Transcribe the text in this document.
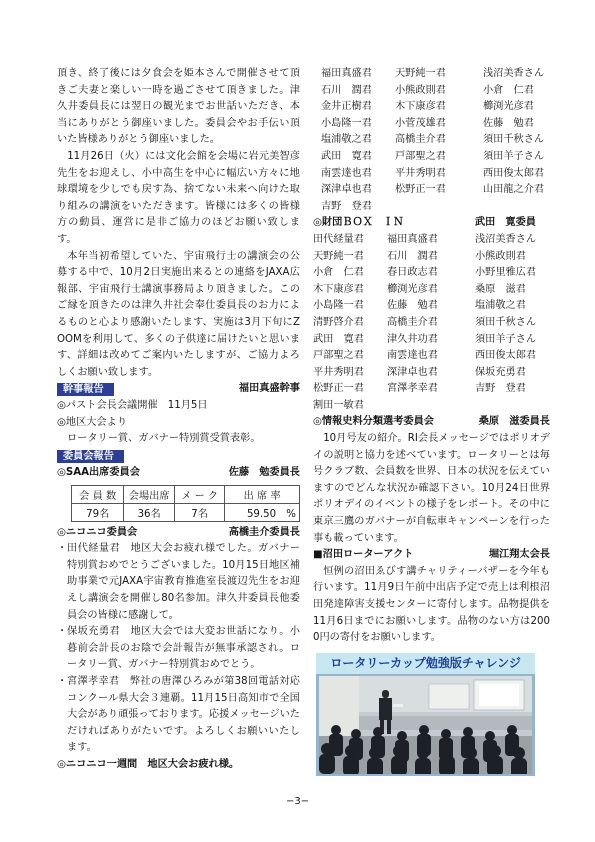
頂き、終了後には夕食会を姫本さんで開催させて頂きご夫妻と楽しい一時を過ごさせて頂きました。津久井委員長には翌日の観光までお世話いただき、本当にありがとう御座いました。委員会やお手伝い頂いた皆様ありがとう御座いました。

11月26日（火）には文化会館を会場に岩元美智彦先生をお迎えし、小中高生を中心に幅広い方々に地球環境を少しでも戻す為、捨てない未来へ向けた取り組みの講演をいただきます。皆様には多くの皆様方の動員、運営に是非ご協力のほどお願い致します。

本年当初希望していた、宇宙飛行士の講演会の公募する中で、10月2日実施出来るとの連絡をJAXA広報部、宇宙飛行士講演事務局より頂きました。このご縁を頂きたのは津久井社会奉仕委員長のお力によるものと心より感謝いたします、実施は3月下旬にZOOMを利用して、多くの子供達に届けたいと思います、詳細は改めてご案内いたしますが、ご協力よろしくお願い致します。

幹事報告	福田真盛幹事
◎パスト会長会議開催　11月5日
◎地区大会より
ロータリー賞、ガバナー特別賞受賞表彰。
委員会報告
◎SAA出席委員会	佐藤　勉委員長
会 員 数	会場出席	メ ー ク	出 席 率
79名	36名	7名	59.50　%
◎ニコニコ委員会	高橋圭介委員長
・ 田代経量君　地区大会お疲れ様でした。ガバナー特別賞おめでとうございました。10月15日地区補助事業で元JAXA宇宙教育推進室長渡辺先生をお迎えし講演会を開催し80名参加。津久井委員長他委員会の皆様に感謝して。
・ 保坂充勇君　地区大会では大変お世話になり。小暮前会計長のお陰で会計報告が無事承認され。ロータリー賞、ガバナー特別賞おめでとう。
・ 宮澤孝幸君　弊社の唐澤ひろみが第38回電話対応コンクール県大会３連覇。11月15日高知市で全国大会があり頑張っております。応援メッセージいただければありがたいです。よろしくお願いいたします。
◎ニコニコ一週間　地区大会お疲れ様。
福田真盛君	天野純一君	浅沼美香さん
石川　潤君	小熊政則君	小倉　仁君
金井正樹君	木下康彦君	櫛渕光彦君
小島隆一君	小菅茂雄君	佐藤　勉君
塩浦敬之君	高橋圭介君	須田千秋さん
武田　寛君	戸部聖之君	須田羊子さん
南雲達也君	平井秀明君	西田俊太郎君
深津卓也君	松野正一君	山田龍之介君
吉野　登君
◎財団ＢＯＸ　ＩＮ	武田　寛委員
田代経量君	福田真盛君	浅沼美香さん
天野純一君	石川　潤君	小熊政則君
小倉　仁君	春日政志君	小野里雅広君
木下康彦君	櫛渕光彦君	桑原　滋君
小島隆一君	佐藤　勉君	塩浦敬之君
清野啓介君	高橋圭介君	須田千秋さん
武田　寛君	津久井功君	須田羊子さん
戸部聖之君	南雲達也君	西田俊太郎君
平井秀明君	深津卓也君	保坂充勇君
松野正一君	宮澤孝幸君	吉野　登君
割田一敏君
◎情報史料分類選考委員会	桑原　滋委員長

10月号友の紹介。RI会長メッセージではポリオデイの説明と協力を述べています。ロータリーとは毎号クラブ数、会員数を世界、日本の状況を伝えていますのでどんな状況か確認下さい。10月24日世界ポリオデイのイベントの様子をレポート。その中に東京三鷹のガバナーが自転車キャンペーンを行った事も載っています。

■沼田ローターアクト	堀江翔太会長

恒例の沼田ゑびす講チャリティーバザーを今年も行います。11月9日午前中出店予定で売上は利根沼田発達障害支援センターに寄付します。品物提供を11月6日までにお願いします。品物のない方は2000円の寄付をお願いします。

ロータリーカップ勉強版チャレンジ
−3−
